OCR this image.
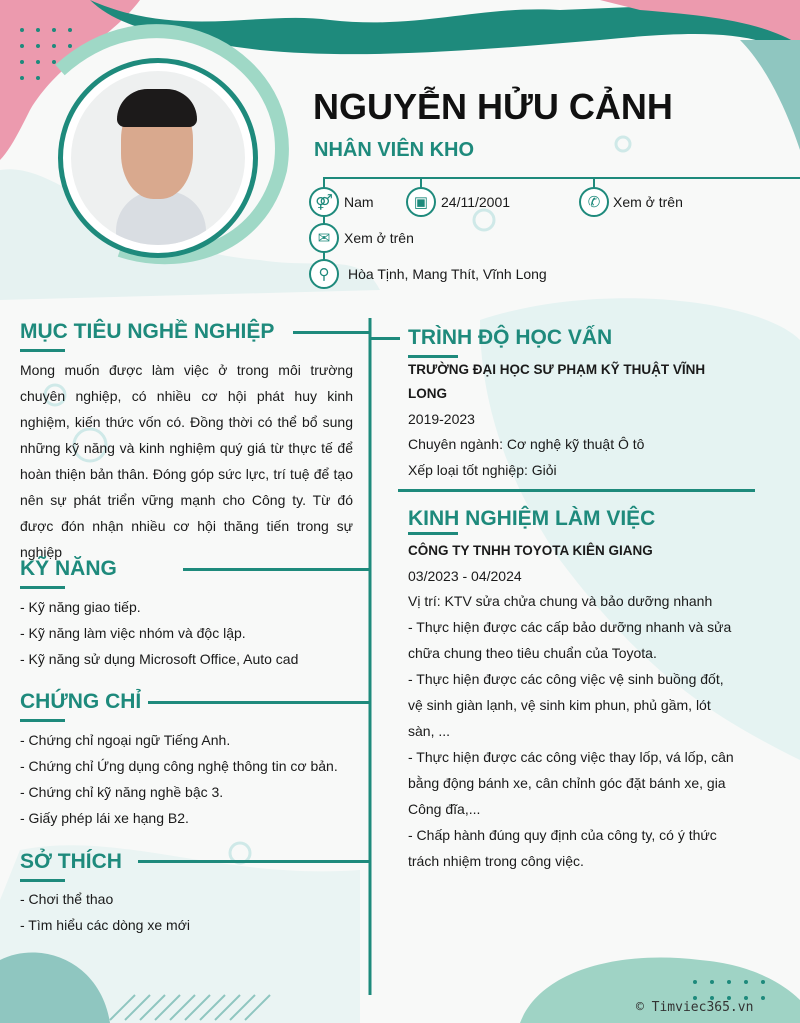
NGUYỄN HỬU CẢNH
NHÂN VIÊN KHO
⚤ Nam	▣ 24/11/2001	✆ Xem ở trên
✉ Xem ở trên
⚲	Hòa Tịnh, Mang Thít, Vĩnh Long
MỤC TIÊU NGHỀ NGHIỆP
Mong muốn được làm việc ở trong môi trường chuyên nghiệp, có nhiều cơ hội phát huy kinh nghiệm, kiến thức vốn có. Đồng thời có thể bổ sung những kỹ năng và kinh nghiệm quý giá từ thực tế để hoàn thiện bản thân. Đóng góp sức lực, trí tuệ để tạo nên sự phát triển vững mạnh cho Công ty. Từ đó được đón nhận nhiều cơ hội thăng tiến trong sự nghiệp
KỸ NĂNG
- Kỹ năng giao tiếp.
- Kỹ năng làm việc nhóm và độc lập.
- Kỹ năng sử dụng Microsoft Office, Auto cad
CHỨNG CHỈ
- Chứng chỉ ngoại ngữ Tiếng Anh.
- Chứng chỉ Ứng dụng công nghệ thông tin cơ bản.
- Chứng chỉ kỹ năng nghề bậc 3.
- Giấy phép lái xe hạng B2.
SỞ THÍCH
- Chơi thể thao
- Tìm hiểu các dòng xe mới
TRÌNH ĐỘ HỌC VẤN
TRƯỜNG ĐẠI HỌC SƯ PHẠM KỸ THUẬT VĨNH LONG
2019-2023
Chuyên ngành: Cơ nghệ kỹ thuật Ô tô
Xếp loại tốt nghiệp: Giỏi
KINH NGHIỆM LÀM VIỆC
CÔNG TY TNHH TOYOTA KIÊN GIANG
03/2023 - 04/2024
Vị trí: KTV sửa chửa chung và bảo dưỡng nhanh
- Thực hiện được các cấp bảo dưỡng nhanh và sửa chữa chung theo tiêu chuẩn của Toyota.
- Thực hiện được các công việc vệ sinh buồng đốt, vệ sinh giàn lạnh, vệ sinh kim phun, phủ gầm, lót sàn, ...
- Thực hiện được các công việc thay lốp, vá lốp, cân bằng động bánh xe, cân chỉnh góc đặt bánh xe, gia Công đĩa,...
- Chấp hành đúng quy định của công ty, có ý thức trách nhiệm trong công việc.
© Timviec365.vn
